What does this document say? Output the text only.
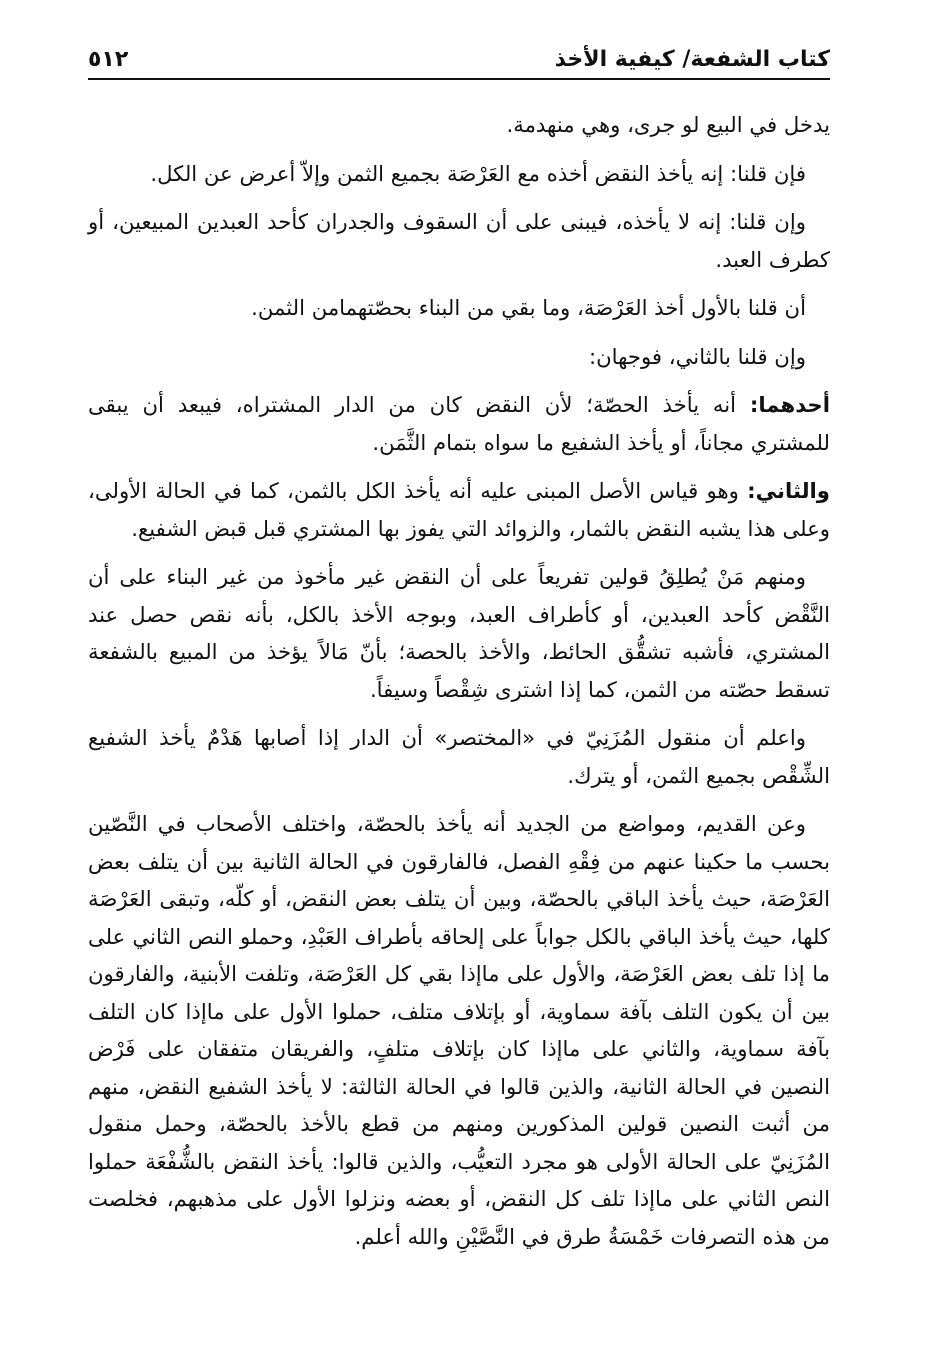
كتاب الشفعة/ كيفية الأخذ
٥١٢

يدخل في البيع لو جرى، وهي منهدمة.

فإن قلنا: إنه يأخذ النقض أخذه مع العَرْصَة بجميع الثمن وإلاّ أعرض عن الكل.

وإن قلنا: إنه لا يأخذه، فيبنى على أن السقوف والجدران كأحد العبدين المبيعين، أو كطرف العبد.

أن قلنا بالأول أخذ العَرْصَة، وما بقي من البناء بحصّتهمامن الثمن.

وإن قلنا بالثاني، فوجهان:

أحدهما: أنه يأخذ الحصّة؛ لأن النقض كان من الدار المشتراه، فيبعد أن يبقى للمشتري مجاناً، أو يأخذ الشفيع ما سواه بتمام الثَّمَن.

والثاني: وهو قياس الأصل المبنى عليه أنه يأخذ الكل بالثمن، كما في الحالة الأولى، وعلى هذا يشبه النقض بالثمار، والزوائد التي يفوز بها المشتري قبل قبض الشفيع.

ومنهم مَنْ يُطلِقُ قولين تفريعاً على أن النقض غير مأخوذ من غير البناء على أن النَّقْض كأحد العبدين، أو كأطراف العبد، وبوجه الأخذ بالكل، بأنه نقص حصل عند المشتري، فأشبه تشقُّق الحائط، والأخذ بالحصة؛ بأنّ مَالاً يؤخذ من المبيع بالشفعة تسقط حصّته من الثمن، كما إذا اشترى شِقْصاً وسيفاً.

واعلم أن منقول المُزَنِيّ في «المختصر» أن الدار إذا أصابها هَدْمٌ يأخذ الشفيع الشِّقْص بجميع الثمن، أو يترك.

وعن القديم، ومواضع من الجديد أنه يأخذ بالحصّة، واختلف الأصحاب في النَّصّين بحسب ما حكينا عنهم من فِقْهِ الفصل، فالفارقون في الحالة الثانية بين أن يتلف بعض العَرْصَة، حيث يأخذ الباقي بالحصّة، وبين أن يتلف بعض النقض، أو كلّه، وتبقى العَرْصَة كلها، حيث يأخذ الباقي بالكل جواباً على إلحاقه بأطراف العَبْدِ، وحملو النص الثاني على ما إذا تلف بعض العَرْصَة، والأول على ماإذا بقي كل العَرْصَة، وتلفت الأبنية، والفارقون بين أن يكون التلف بآفة سماوية، أو بإتلاف متلف، حملوا الأول على ماإذا كان التلف بآفة سماوية، والثاني على ماإذا كان بإتلاف متلفٍ، والفريقان متفقان على فَرْض النصين في الحالة الثانية، والذين قالوا في الحالة الثالثة: لا يأخذ الشفيع النقض، منهم من أثبت النصين قولين المذكورين ومنهم من قطع بالأخذ بالحصّة، وحمل منقول المُزَنِيّ على الحالة الأولى هو مجرد التعيُّب، والذين قالوا: يأخذ النقض بالشُّفْعَة حملوا النص الثاني على ماإذا تلف كل النقض، أو بعضه ونزلوا الأول على مذهبهم، فخلصت من هذه التصرفات خَمْسَةُ طرق في النَّصَّيْنِ والله أعلم.
